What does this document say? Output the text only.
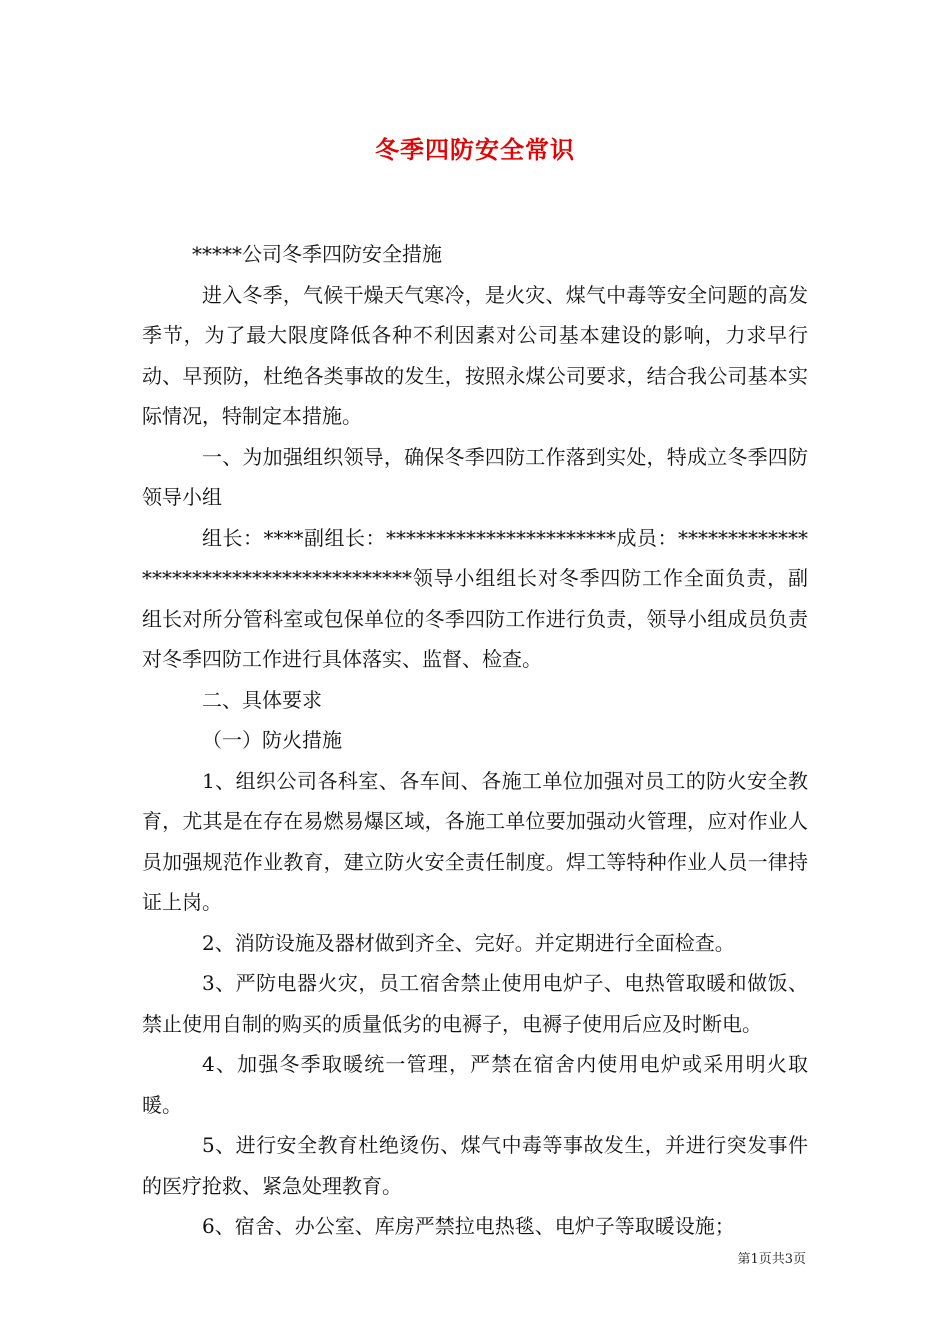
冬季四防安全常识

*****公司冬季四防安全措施

进入冬季，气候干燥天气寒冷，是火灾、煤气中毒等安全问题的高发季节，为了最大限度降低各种不利因素对公司基本建设的影响，力求早行动、早预防，杜绝各类事故的发生，按照永煤公司要求，结合我公司基本实际情况，特制定本措施。

一、为加强组织领导，确保冬季四防工作落到实处，特成立冬季四防领导小组

组长：****副组长：***********************成员：****************************************领导小组组长对冬季四防工作全面负责，副组长对所分管科室或包保单位的冬季四防工作进行负责，领导小组成员负责对冬季四防工作进行具体落实、监督、检查。

二、具体要求

（一）防火措施

1、组织公司各科室、各车间、各施工单位加强对员工的防火安全教育，尤其是在存在易燃易爆区域，各施工单位要加强动火管理，应对作业人员加强规范作业教育，建立防火安全责任制度。焊工等特种作业人员一律持证上岗。

2、消防设施及器材做到齐全、完好。并定期进行全面检查。

3、严防电器火灾，员工宿舍禁止使用电炉子、电热管取暖和做饭、禁止使用自制的购买的质量低劣的电褥子，电褥子使用后应及时断电。

4、加强冬季取暖统一管理，严禁在宿舍内使用电炉或采用明火取暖。

5、进行安全教育杜绝烫伤、煤气中毒等事故发生，并进行突发事件的医疗抢救、紧急处理教育。

6、宿舍、办公室、库房严禁拉电热毯、电炉子等取暖设施；

第1页共3页
